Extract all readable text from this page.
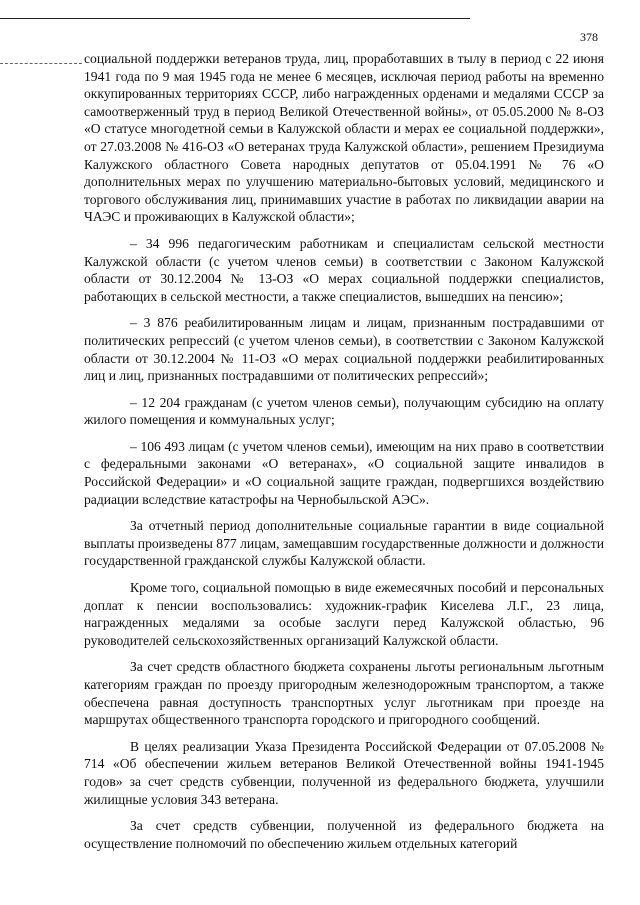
378

социальной поддержки ветеранов труда, лиц, проработавших в тылу в период с 22 июня 1941 года по 9 мая 1945 года не менее 6 месяцев, исключая период работы на временно оккупированных территориях СССР, либо награжденных орденами и медалями СССР за самоотверженный труд в период Великой Отечественной войны», от 05.05.2000 № 8-ОЗ «О статусе многодетной семьи в Калужской области и мерах ее социальной поддержки», от 27.03.2008 № 416-ОЗ «О ветеранах труда Калужской области», решением Президиума Калужского областного Совета народных депутатов от 05.04.1991 № 76 «О дополнительных мерах по улучшению материально-бытовых условий, медицинского и торгового обслуживания лиц, принимавших участие в работах по ликвидации аварии на ЧАЭС и проживающих в Калужской области»;

– 34 996 педагогическим работникам и специалистам сельской местности Калужской области (с учетом членов семьи) в соответствии с Законом Калужской области от 30.12.2004 № 13-ОЗ «О мерах социальной поддержки специалистов, работающих в сельской местности, а также специалистов, вышедших на пенсию»;

– 3 876 реабилитированным лицам и лицам, признанным пострадавшими от политических репрессий (с учетом членов семьи), в соответствии с Законом Калужской области от 30.12.2004 № 11-ОЗ «О мерах социальной поддержки реабилитированных лиц и лиц, признанных пострадавшими от политических репрессий»;

– 12 204 гражданам (с учетом членов семьи), получающим субсидию на оплату жилого помещения и коммунальных услуг;

– 106 493 лицам (с учетом членов семьи), имеющим на них право в соответствии с федеральными законами «О ветеранах», «О социальной защите инвалидов в Российской Федерации» и «О социальной защите граждан, подвергшихся воздействию радиации вследствие катастрофы на Чернобыльской АЭС».

За отчетный период дополнительные социальные гарантии в виде социальной выплаты произведены 877 лицам, замещавшим государственные должности и должности государственной гражданской службы Калужской области.

Кроме того, социальной помощью в виде ежемесячных пособий и персональных доплат к пенсии воспользовались: художник-график Киселева Л.Г., 23 лица, награжденных медалями за особые заслуги перед Калужской областью, 96 руководителей сельскохозяйственных организаций Калужской области.

За счет средств областного бюджета сохранены льготы региональным льготным категориям граждан по проезду пригородным железнодорожным транспортом, а также обеспечена равная доступность транспортных услуг льготникам при проезде на маршрутах общественного транспорта городского и пригородного сообщений.

В целях реализации Указа Президента Российской Федерации от 07.05.2008 № 714 «Об обеспечении жильем ветеранов Великой Отечественной войны 1941-1945 годов» за счет средств субвенции, полученной из федерального бюджета, улучшили жилищные условия 343 ветерана.

За счет средств субвенции, полученной из федерального бюджета на осуществление полномочий по обеспечению жильем отдельных категорий
